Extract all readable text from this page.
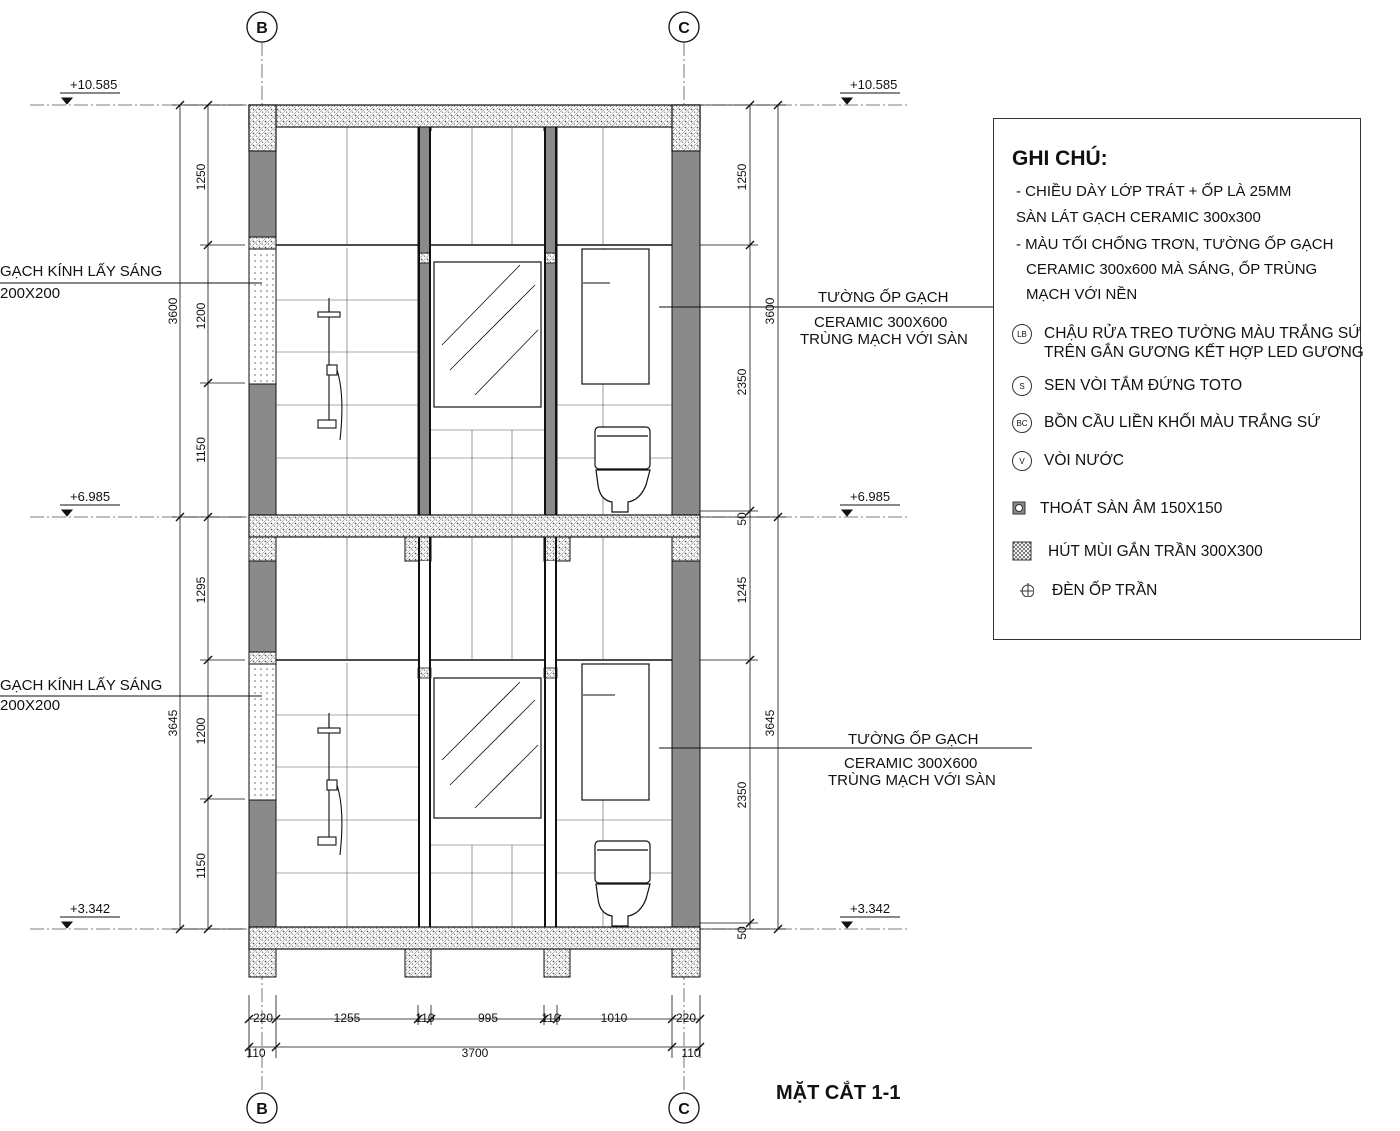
B	C
B	C
+10.585	+10.585
+6.985	+6.985
+3.342	+3.342
1250
1200
1150
3600
1295
1200
1150
3645
1250
2350
50
3600
1245
2350
50
3645
GẠCH KÍNH LẤY SÁNG
200X200
GẠCH KÍNH LẤY SÁNG
200X200
TƯỜNG ỐP GẠCH
CERAMIC 300X600
TRÙNG MẠCH VỚI SÀN
TƯỜNG ỐP GẠCH
CERAMIC 300X600
TRÙNG MẠCH VỚI SÀN
220	1255	110	995	110	1010	220
110	3700	110
MẶT CẮT 1-1
GHI CHÚ:
- CHIỀU DÀY LỚP TRÁT + ỐP LÀ 25MM
SÀN LÁT GẠCH CERAMIC 300x300
- MÀU TỐI CHỐNG TRƠN, TƯỜNG ỐP GẠCH
CERAMIC 300x600 MÀ SÁNG, ỐP TRÙNG
MẠCH VỚI NỀN
LB	CHẬU RỬA TREO TƯỜNG MÀU TRẮNG SỨ
TRÊN GẮN GƯƠNG KẾT HỢP LED GƯƠNG
S	SEN VÒI TẮM ĐỨNG TOTO
BC BỒN CẦU LIỀN KHỐI MÀU TRẮNG SỨ
V	VÒI NƯỚC
THOÁT SÀN ÂM 150X150
HÚT MÙI GẮN TRẦN 300X300
ĐÈN ỐP TRẦN
